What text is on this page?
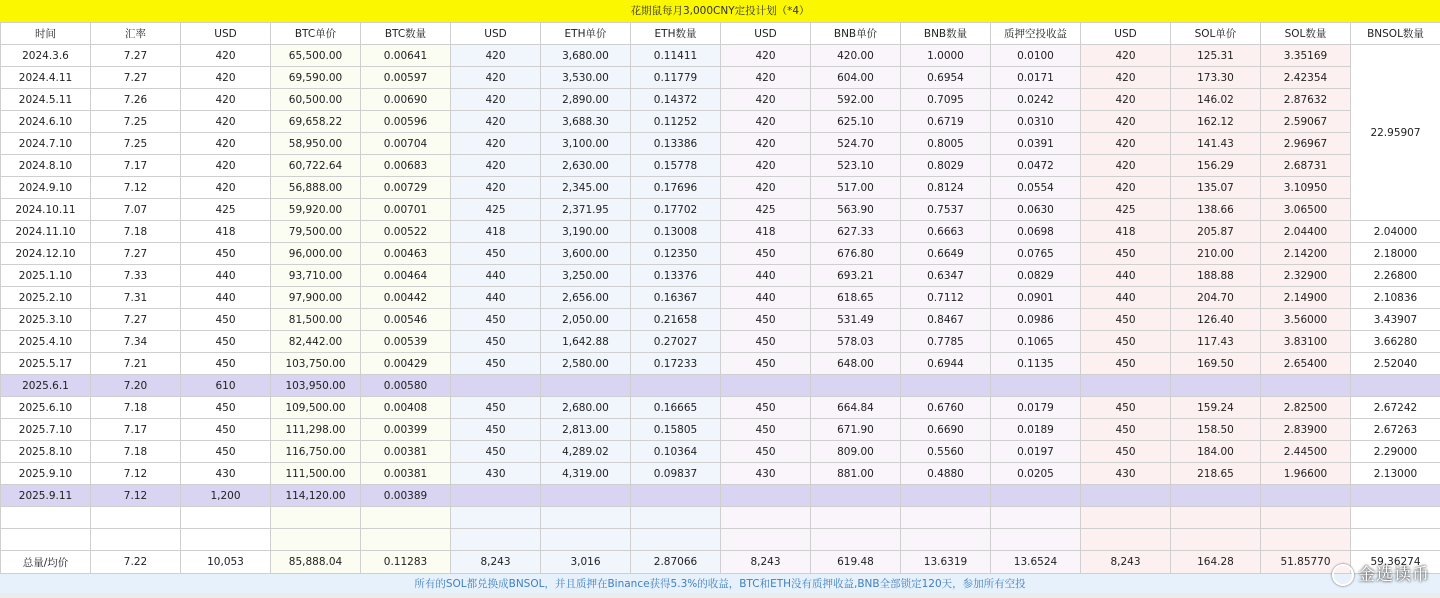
花期鼠每月3,000CNY定投计划（*4）
时间	汇率	USD	BTC单价	BTC数量	USD	ETH单价	ETH数量	USD	BNB单价	BNB数量	质押空投收益	USD	SOL单价	SOL数量	BNSOL数量
2024.3.6	7.27	420	65,500.00	0.00641	420	3,680.00	0.11411	420	420.00	1.0000	0.0100	420	125.31	3.35169	22.95907
2024.4.11	7.27	420	69,590.00	0.00597	420	3,530.00	0.11779	420	604.00	0.6954	0.0171	420	173.30	2.42354	
2024.5.11	7.26	420	60,500.00	0.00690	420	2,890.00	0.14372	420	592.00	0.7095	0.0242	420	146.02	2.87632	
2024.6.10	7.25	420	69,658.22	0.00596	420	3,688.30	0.11252	420	625.10	0.6719	0.0310	420	162.12	2.59067	
2024.7.10	7.25	420	58,950.00	0.00704	420	3,100.00	0.13386	420	524.70	0.8005	0.0391	420	141.43	2.96967	
2024.8.10	7.17	420	60,722.64	0.00683	420	2,630.00	0.15778	420	523.10	0.8029	0.0472	420	156.29	2.68731	
2024.9.10	7.12	420	56,888.00	0.00729	420	2,345.00	0.17696	420	517.00	0.8124	0.0554	420	135.07	3.10950	
2024.10.11	7.07	425	59,920.00	0.00701	425	2,371.95	0.17702	425	563.90	0.7537	0.0630	425	138.66	3.06500	
2024.11.10	7.18	418	79,500.00	0.00522	418	3,190.00	0.13008	418	627.33	0.6663	0.0698	418	205.87	2.04400	2.04000
2024.12.10	7.27	450	96,000.00	0.00463	450	3,600.00	0.12350	450	676.80	0.6649	0.0765	450	210.00	2.14200	2.18000
2025.1.10	7.33	440	93,710.00	0.00464	440	3,250.00	0.13376	440	693.21	0.6347	0.0829	440	188.88	2.32900	2.26800
2025.2.10	7.31	440	97,900.00	0.00442	440	2,656.00	0.16367	440	618.65	0.7112	0.0901	440	204.70	2.14900	2.10836
2025.3.10	7.27	450	81,500.00	0.00546	450	2,050.00	0.21658	450	531.49	0.8467	0.0986	450	126.40	3.56000	3.43907
2025.4.10	7.34	450	82,442.00	0.00539	450	1,642.88	0.27027	450	578.03	0.7785	0.1065	450	117.43	3.83100	3.66280
2025.5.17	7.21	450	103,750.00	0.00429	450	2,580.00	0.17233	450	648.00	0.6944	0.1135	450	169.50	2.65400	2.52040
2025.6.1	7.20	610	103,950.00	0.00580											
2025.6.10	7.18	450	109,500.00	0.00408	450	2,680.00	0.16665	450	664.84	0.6760	0.0179	450	159.24	2.82500	2.67242
2025.7.10	7.17	450	111,298.00	0.00399	450	2,813.00	0.15805	450	671.90	0.6690	0.0189	450	158.50	2.83900	2.67263
2025.8.10	7.18	450	116,750.00	0.00381	450	4,289.02	0.10364	450	809.00	0.5560	0.0197	450	184.00	2.44500	2.29000
2025.9.10	7.12	430	111,500.00	0.00381	430	4,319.00	0.09837	430	881.00	0.4880	0.0205	430	218.65	1.96600	2.13000
2025.9.11	7.12	1,200	114,120.00	0.00389											

总量/均价	7.22	10,053	85,888.04	0.11283	8,243	3,016	2.87066	8,243	619.48	13.6319	13.6524	8,243	164.28	51.85770	59.36274
所有的SOL都兑换成BNSOL，并且质押在Binance获得5.3%的收益，BTC和ETH没有质押收益,BNB全部锁定120天，参加所有空投	金选读币
